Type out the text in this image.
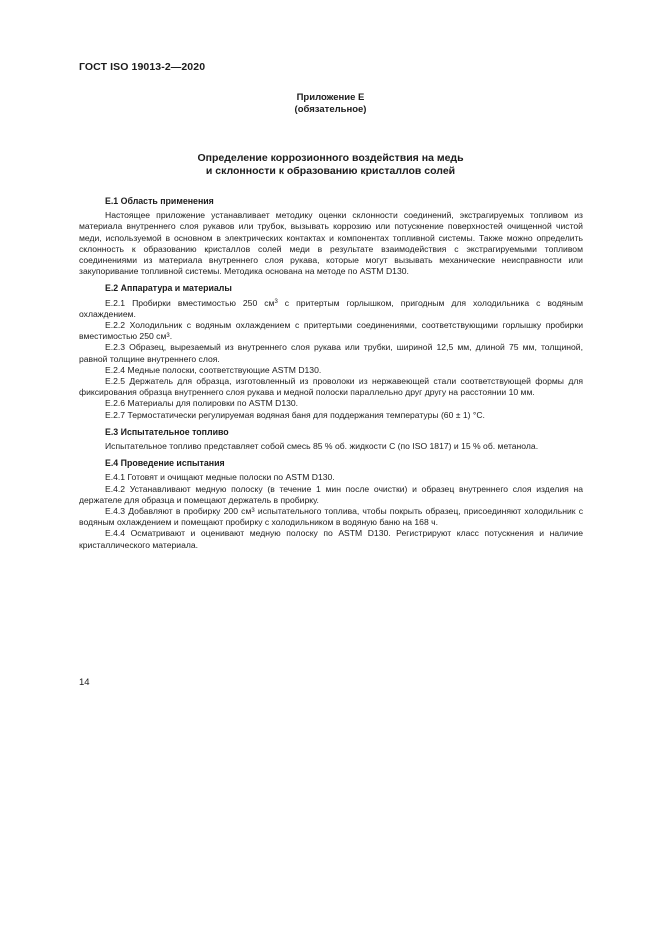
ГОСТ ISO 19013-2—2020
Приложение Е
(обязательное)
Определение коррозионного воздействия на медь
и склонности к образованию кристаллов солей
Е.1 Область применения

Настоящее приложение устанавливает методику оценки склонности соединений, экстрагируемых топливом из материала внутреннего слоя рукавов или трубок, вызывать коррозию или потускнение поверхностей очищенной чистой меди, используемой в основном в электрических контактах и компонентах топливной системы. Также можно определить склонность к образованию кристаллов солей меди в результате взаимодействия с экстрагируемыми топливом соединениями из материала внутреннего слоя рукава, которые могут вызывать механические неисправности или закупоривание топливной системы. Методика основана на методе по ASTM D130.

Е.2 Аппаратура и материалы

Е.2.1 Пробирки вместимостью 250 $см^3$ с притертым горлышком, пригодным для холодильника с водяным охлаждением.

Е.2.2 Холодильник с водяным охлаждением с притертыми соединениями, соответствующими горлышку пробирки вместимостью 250 $см^3$.

Е.2.3 Образец, вырезаемый из внутреннего слоя рукава или трубки, шириной 12,5 мм, длиной 75 мм, толщиной, равной толщине внутреннего слоя.

Е.2.4 Медные полоски, соответствующие ASTM D130.

Е.2.5 Держатель для образца, изготовленный из проволоки из нержавеющей стали соответствующей формы для фиксирования образца внутреннего слоя рукава и медной полоски параллельно друг другу на расстоянии 10 мм.

Е.2.6 Материалы для полировки по ASTM D130.

Е.2.7 Термостатически регулируемая водяная баня для поддержания температуры (60 ± 1) °С.

Е.3 Испытательное топливо

Испытательное топливо представляет собой смесь 85 % об. жидкости С (по ISO 1817) и 15 % об. метанола.

Е.4 Проведение испытания

Е.4.1 Готовят и очищают медные полоски по ASTM D130.

Е.4.2 Устанавливают медную полоску (в течение 1 мин после очистки) и образец внутреннего слоя изделия на держателе для образца и помещают держатель в пробирку.

Е.4.3 Добавляют в пробирку 200 $см^3$ испытательного топлива, чтобы покрыть образец, присоединяют холодильник с водяным охлаждением и помещают пробирку с холодильником в водяную баню на 168 ч.

Е.4.4 Осматривают и оценивают медную полоску по ASTM D130. Регистрируют класс потускнения и наличие кристаллического материала.

14
